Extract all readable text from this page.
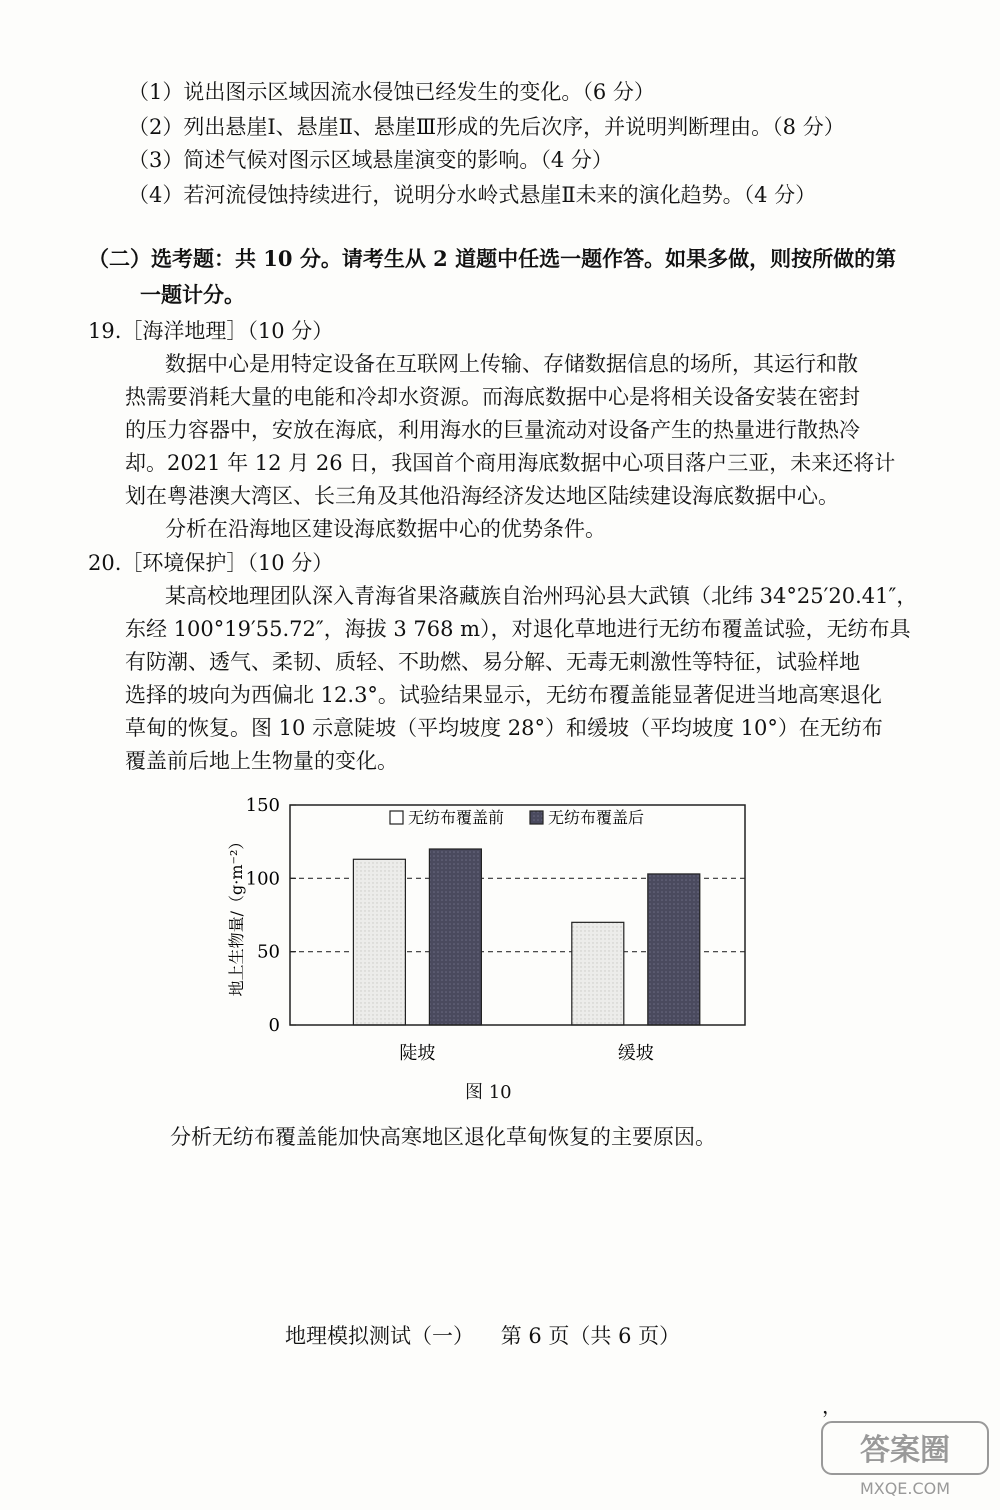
（1）说出图示区域因流水侵蚀已经发生的变化。（6 分）
（2）列出悬崖Ⅰ、悬崖Ⅱ、悬崖Ⅲ形成的先后次序，并说明判断理由。（8 分）
（3）简述气候对图示区域悬崖演变的影响。（4 分）
（4）若河流侵蚀持续进行，说明分水岭式悬崖Ⅱ未来的演化趋势。（4 分）
（二）选考题：共 10 分。请考生从 2 道题中任选一题作答。如果多做，则按所做的第
一题计分。
19.［海洋地理］（10 分）
数据中心是用特定设备在互联网上传输、存储数据信息的场所，其运行和散
热需要消耗大量的电能和冷却水资源。而海底数据中心是将相关设备安装在密封
的压力容器中，安放在海底，利用海水的巨量流动对设备产生的热量进行散热冷
却。2021 年 12 月 26 日，我国首个商用海底数据中心项目落户三亚，未来还将计
划在粤港澳大湾区、长三角及其他沿海经济发达地区陆续建设海底数据中心。
分析在沿海地区建设海底数据中心的优势条件。
20.［环境保护］（10 分）
某高校地理团队深入青海省果洛藏族自治州玛沁县大武镇（北纬 34°25′20.41″，
东经 100°19′55.72″，海拔 3 768 m），对退化草地进行无纺布覆盖试验，无纺布具
有防潮、透气、柔韧、质轻、不助燃、易分解、无毒无刺激性等特征，试验样地
选择的坡向为西偏北 12.3°。试验结果显示，无纺布覆盖能显著促进当地高寒退化
草甸的恢复。图 10 示意陡坡（平均坡度 28°）和缓坡（平均坡度 10°）在无纺布
覆盖前后地上生物量的变化。
陡坡	缓坡
0
50
100
150
地上生物量/（g·m⁻²）
无纺布覆盖前	无纺布覆盖后
图 10
分析无纺布覆盖能加快高寒地区退化草甸恢复的主要原因。
地理模拟测试（一）    第 6 页（共 6 页）
，
答案圈
MXQE.COM
